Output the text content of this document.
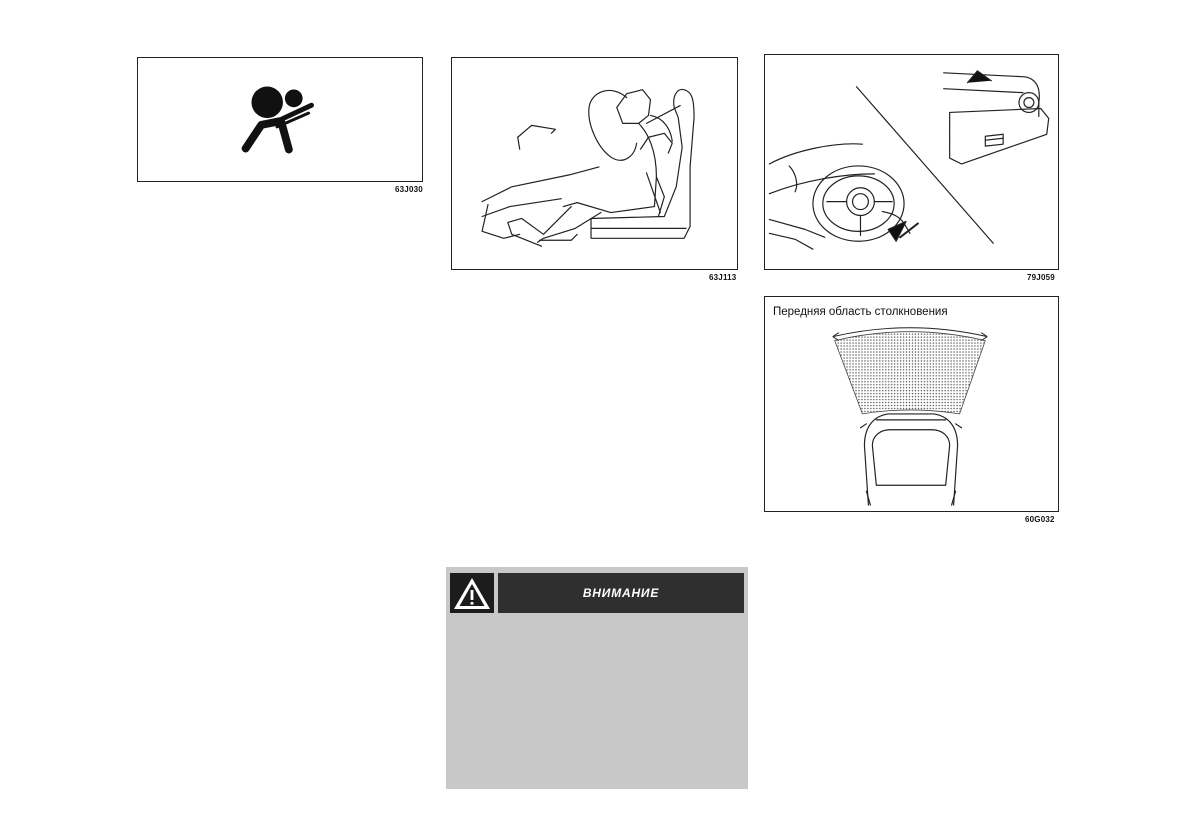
63J030
63J113	79J059
Передняя область столкновения
60G032
ВНИМАНИЕ
